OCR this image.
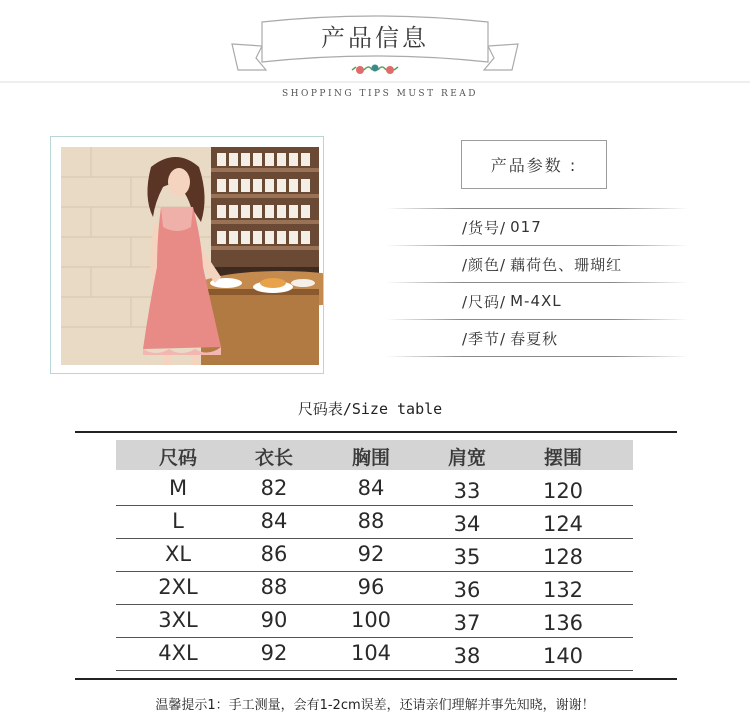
产品信息
SHOPPING TIPS MUST READ
产品参数 :
/货号/ 017
/颜色/ 藕荷色、珊瑚红
/尺码/ M-4XL
/季节/ 春夏秋
尺码表/Size table
尺码	衣长	胸围	肩宽	摆围
M	82	84	33	120
L	84	88	34	124
XL	86	92	35	128
2XL	88	96	36	132
3XL	90	100	37	136
4XL	92	104	38	140
温馨提示1：手工测量，会有1-2cm误差，还请亲们理解并事先知晓，谢谢！
